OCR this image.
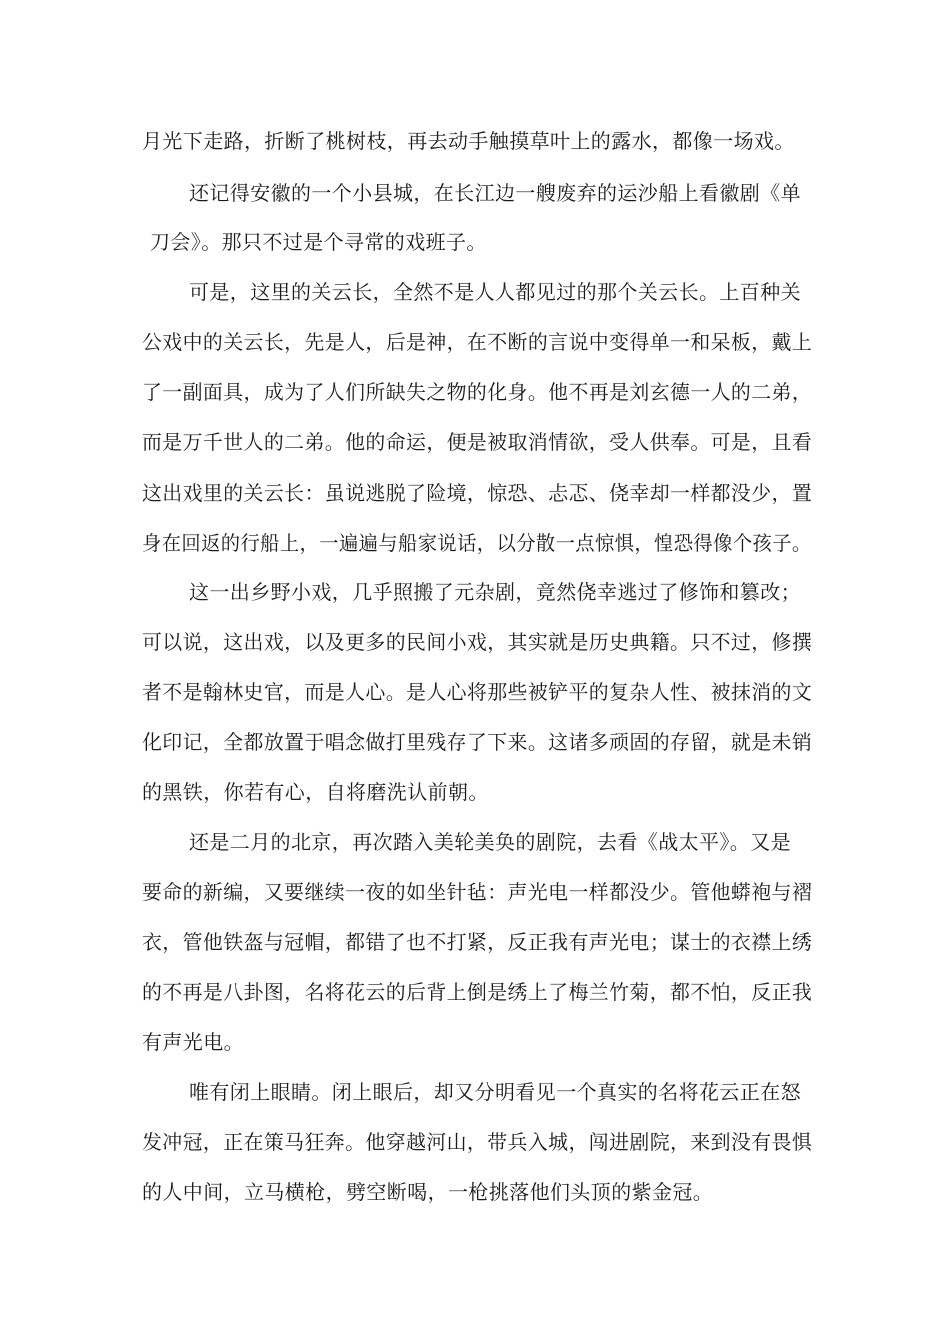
月光下走路，折断了桃树枝，再去动手触摸草叶上的露水，都像一场戏。
还记得安徽的一个小县城，在长江边一艘废弃的运沙船上看徽剧《单
刀会》。那只不过是个寻常的戏班子。
可是，这里的关云长，全然不是人人都见过的那个关云长。上百种关
公戏中的关云长，先是人，后是神，在不断的言说中变得单一和呆板，戴上
了一副面具，成为了人们所缺失之物的化身。他不再是刘玄德一人的二弟，
而是万千世人的二弟。他的命运，便是被取消情欲，受人供奉。可是，且看
这出戏里的关云长：虽说逃脱了险境，惊恐、忐忑、侥幸却一样都没少，置
身在回返的行船上，一遍遍与船家说话，以分散一点惊惧，惶恐得像个孩子。
这一出乡野小戏，几乎照搬了元杂剧，竟然侥幸逃过了修饰和篡改；
可以说，这出戏，以及更多的民间小戏，其实就是历史典籍。只不过，修撰
者不是翰林史官，而是人心。是人心将那些被铲平的复杂人性、被抹消的文
化印记，全都放置于唱念做打里残存了下来。这诸多顽固的存留，就是未销
的黑铁，你若有心，自将磨洗认前朝。
还是二月的北京，再次踏入美轮美奂的剧院，去看《战太平》。又是
要命的新编，又要继续一夜的如坐针毡：声光电一样都没少。管他蟒袍与褶
衣，管他铁盔与冠帽，都错了也不打紧，反正我有声光电；谋士的衣襟上绣
的不再是八卦图，名将花云的后背上倒是绣上了梅兰竹菊，都不怕，反正我
有声光电。
唯有闭上眼睛。闭上眼后，却又分明看见一个真实的名将花云正在怒
发冲冠，正在策马狂奔。他穿越河山，带兵入城，闯进剧院，来到没有畏惧
的人中间，立马横枪，劈空断喝，一枪挑落他们头顶的紫金冠。
